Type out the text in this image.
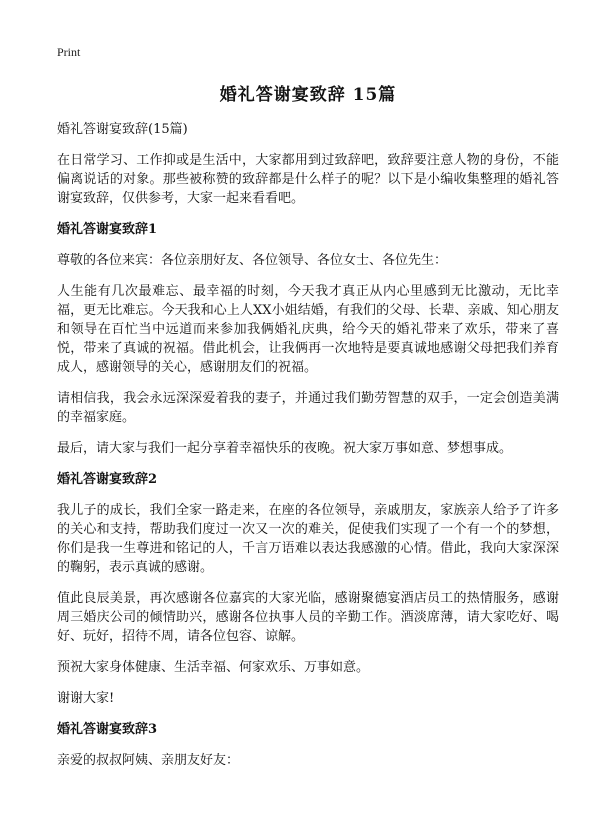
Print
婚礼答谢宴致辞 15篇
婚礼答谢宴致辞(15篇)

在日常学习、工作抑或是生活中，大家都用到过致辞吧，致辞要注意人物的身份，不能偏离说话的对象。那些被称赞的致辞都是什么样子的呢？以下是小编收集整理的婚礼答谢宴致辞，仅供参考，大家一起来看看吧。

婚礼答谢宴致辞1

尊敬的各位来宾：各位亲朋好友、各位领导、各位女士、各位先生：

人生能有几次最难忘、最幸福的时刻，今天我才真正从内心里感到无比激动，无比幸福，更无比难忘。今天我和心上人XX小姐结婚，有我们的父母、长辈、亲戚、知心朋友和领导在百忙当中远道而来参加我俩婚礼庆典，给今天的婚礼带来了欢乐，带来了喜悦，带来了真诚的祝福。借此机会，让我俩再一次地特是要真诚地感谢父母把我们养育成人，感谢领导的关心，感谢朋友们的祝福。

请相信我，我会永远深深爱着我的妻子，并通过我们勤劳智慧的双手，一定会创造美满的幸福家庭。

最后，请大家与我们一起分享着幸福快乐的夜晚。祝大家万事如意、梦想事成。

婚礼答谢宴致辞2

我儿子的成长，我们全家一路走来，在座的各位领导，亲戚朋友，家族亲人给予了许多的关心和支持，帮助我们度过一次又一次的难关，促使我们实现了一个有一个的梦想，你们是我一生尊进和铭记的人，千言万语难以表达我感激的心情。借此，我向大家深深的鞠躬，表示真诚的感谢。

值此良辰美景，再次感谢各位嘉宾的大家光临，感谢聚德宴酒店员工的热情服务，感谢周三婚庆公司的倾情助兴，感谢各位执事人员的辛勤工作。酒淡席薄，请大家吃好、喝好、玩好，招待不周，请各位包容、谅解。

预祝大家身体健康、生活幸福、何家欢乐、万事如意。

谢谢大家!

婚礼答谢宴致辞3

亲爱的叔叔阿姨、亲朋友好友：
